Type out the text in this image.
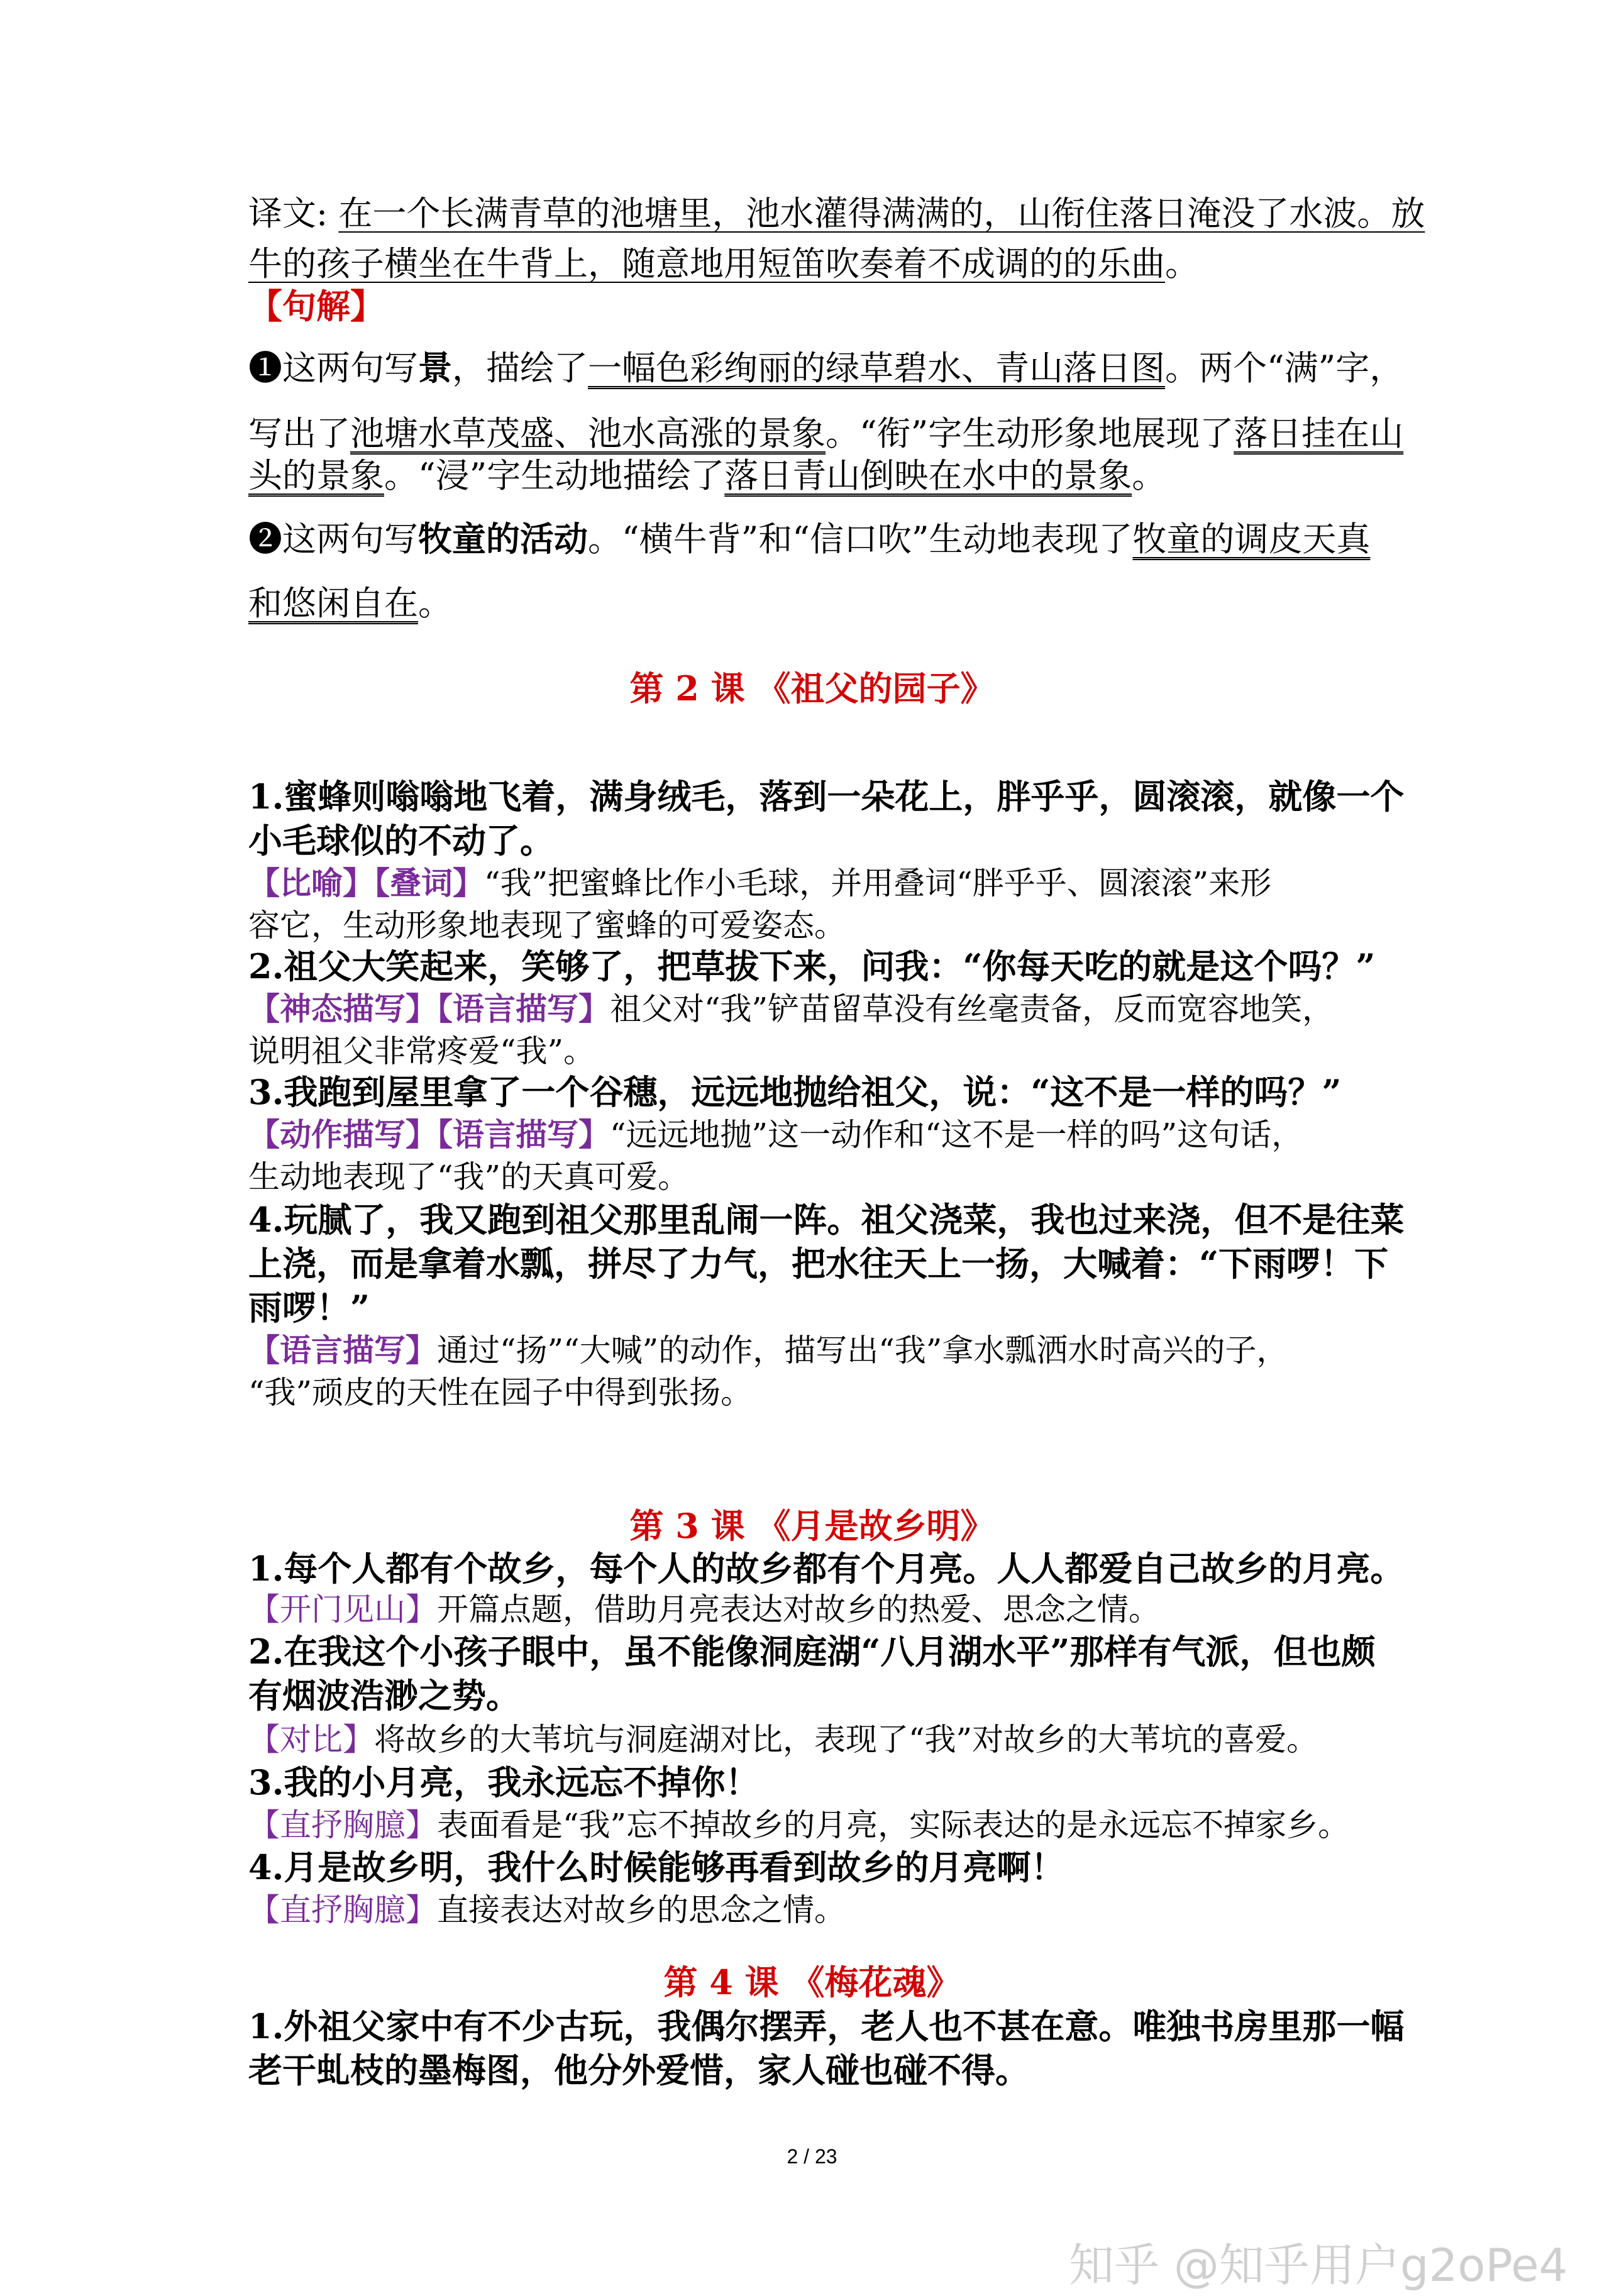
译文: 在一个长满青草的池塘里，池水灌得满满的，山衔住落日淹没了水波。放
牛的孩子横坐在牛背上，随意地用短笛吹奏着不成调的的乐曲。
【句解】
❶这两句写景，描绘了一幅色彩绚丽的绿草碧水、青山落日图。两个“满”字，
写出了池塘水草茂盛、池水高涨的景象。“衔”字生动形象地展现了落日挂在山
头的景象。“浸”字生动地描绘了落日青山倒映在水中的景象。
❷这两句写牧童的活动。“横牛背”和“信口吹”生动地表现了牧童的调皮天真
和悠闲自在。
第 2 课 《祖父的园子》
1.蜜蜂则嗡嗡地飞着，满身绒毛，落到一朵花上，胖乎乎，圆滚滚，就像一个
小毛球似的不动了。
【比喻】【叠词】“我”把蜜蜂比作小毛球，并用叠词“胖乎乎、圆滚滚”来形
容它，生动形象地表现了蜜蜂的可爱姿态。
2.祖父大笑起来，笑够了，把草拔下来，问我：“你每天吃的就是这个吗？”
【神态描写】【语言描写】祖父对“我”铲苗留草没有丝毫责备，反而宽容地笑，
说明祖父非常疼爱“我”。
3.我跑到屋里拿了一个谷穗，远远地抛给祖父，说：“这不是一样的吗？”
【动作描写】【语言描写】“远远地抛”这一动作和“这不是一样的吗”这句话，
生动地表现了“我”的天真可爱。
4.玩腻了，我又跑到祖父那里乱闹一阵。祖父浇菜，我也过来浇，但不是往菜
上浇，而是拿着水瓢，拼尽了力气，把水往天上一扬，大喊着：“下雨啰！下
雨啰！”
【语言描写】通过“扬”“大喊”的动作，描写出“我”拿水瓢洒水时高兴的子，
“我”顽皮的天性在园子中得到张扬。
第 3 课 《月是故乡明》
1.每个人都有个故乡，每个人的故乡都有个月亮。人人都爱自己故乡的月亮。
【开门见山】开篇点题，借助月亮表达对故乡的热爱、思念之情。
2.在我这个小孩子眼中，虽不能像洞庭湖“八月湖水平”那样有气派，但也颇
有烟波浩渺之势。
【对比】将故乡的大苇坑与洞庭湖对比，表现了“我”对故乡的大苇坑的喜爱。
3.我的小月亮，我永远忘不掉你！
【直抒胸臆】表面看是“我”忘不掉故乡的月亮，实际表达的是永远忘不掉家乡。
4.月是故乡明，我什么时候能够再看到故乡的月亮啊！
【直抒胸臆】直接表达对故乡的思念之情。
第 4 课 《梅花魂》
1.外祖父家中有不少古玩，我偶尔摆弄，老人也不甚在意。唯独书房里那一幅
老干虬枝的墨梅图，他分外爱惜，家人碰也碰不得。
2 / 23
知乎 @知乎用户g2oPe4
